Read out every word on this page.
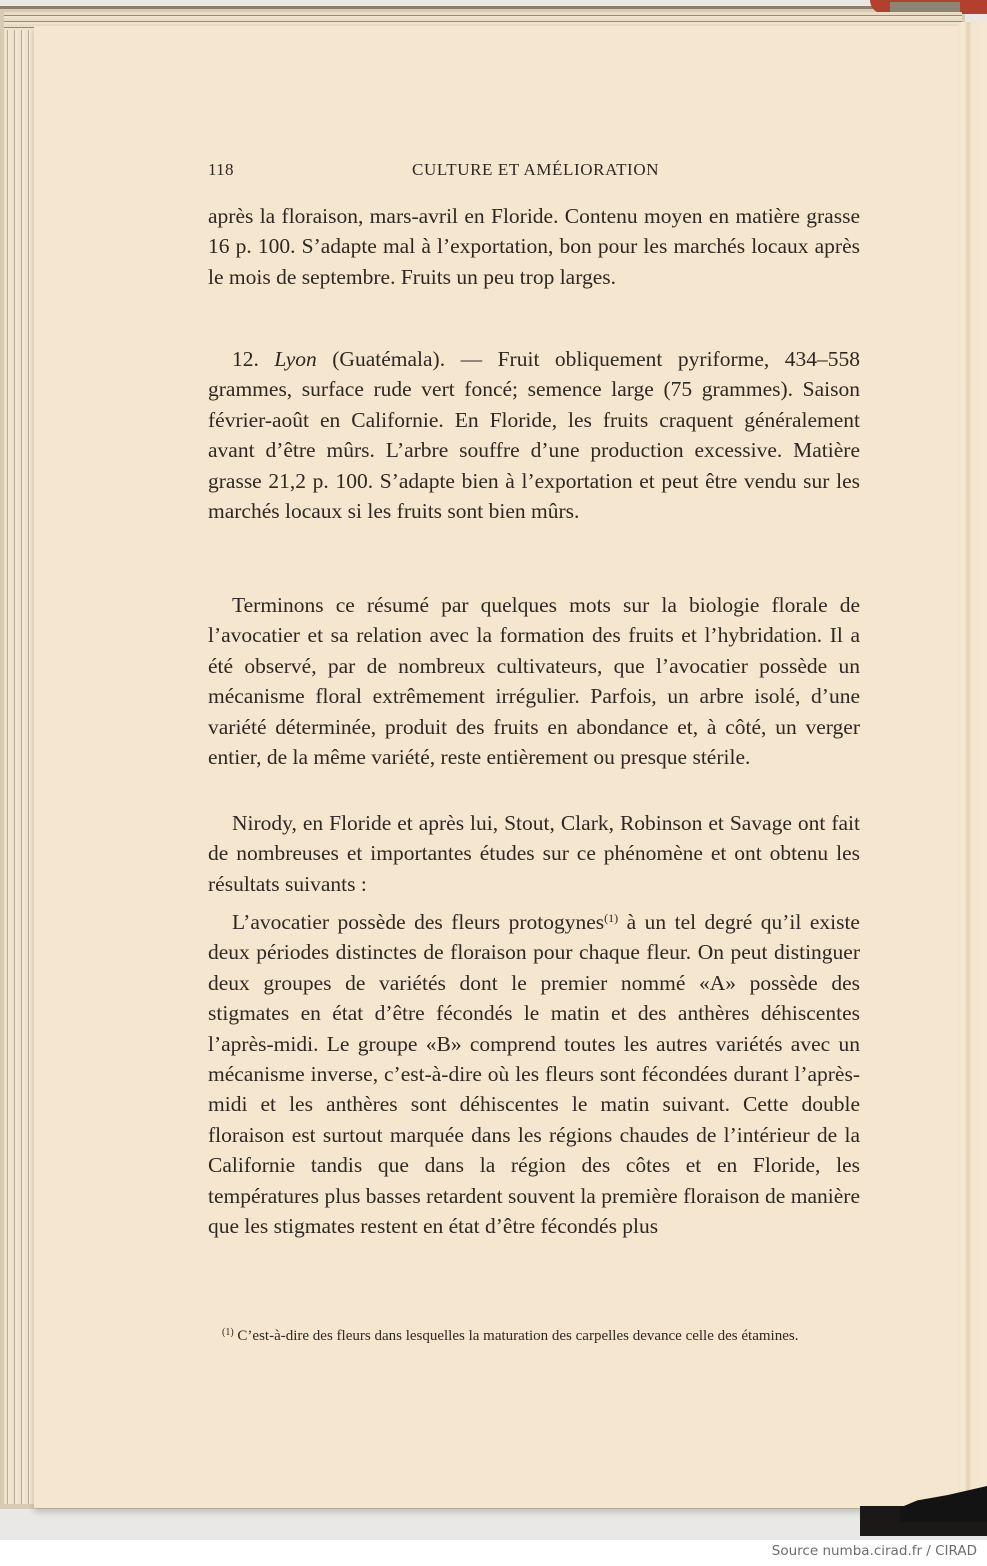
118	CULTURE ET AMÉLIORATION

après la floraison, mars-avril en Floride. Contenu moyen en matière grasse 16 p. 100. S’adapte mal à l’exportation, bon pour les marchés locaux après le mois de septembre. Fruits un peu trop larges.

12. Lyon (Guatémala). — Fruit obliquement pyriforme, 434–558 grammes, surface rude vert foncé; semence large (75 grammes). Saison février-août en Californie. En Floride, les fruits craquent généralement avant d’être mûrs. L’arbre souffre d’une production excessive. Matière grasse 21,2 p. 100. S’adapte bien à l’exportation et peut être vendu sur les marchés locaux si les fruits sont bien mûrs.

Terminons ce résumé par quelques mots sur la biologie florale de l’avocatier et sa relation avec la formation des fruits et l’hybridation. Il a été observé, par de nombreux cultivateurs, que l’avocatier possède un mécanisme floral extrêmement irrégulier. Parfois, un arbre isolé, d’une variété déterminée, produit des fruits en abondance et, à côté, un verger entier, de la même variété, reste entièrement ou presque stérile.

Nirody, en Floride et après lui, Stout, Clark, Robinson et Savage ont fait de nombreuses et importantes études sur ce phénomène et ont obtenu les résultats suivants :

L’avocatier possède des fleurs protogynes$^{(1)}$ à un tel degré qu’il existe deux périodes distinctes de floraison pour chaque fleur. On peut distinguer deux groupes de variétés dont le premier nommé «A» possède des stigmates en état d’être fécondés le matin et des anthères déhiscentes l’après-midi. Le groupe «B» comprend toutes les autres variétés avec un mécanisme inverse, c’est-à-dire où les fleurs sont fécondées durant l’après-midi et les anthères sont déhiscentes le matin suivant. Cette double floraison est surtout marquée dans les régions chaudes de l’intérieur de la Californie tandis que dans la région des côtes et en Floride, les températures plus basses retardent souvent la première floraison de manière que les stigmates restent en état d’être fécondés plus

$^{(1)}$ C’est-à-dire des fleurs dans lesquelles la maturation des carpelles devance celle des étamines.

Source numba.cirad.fr / CIRAD
